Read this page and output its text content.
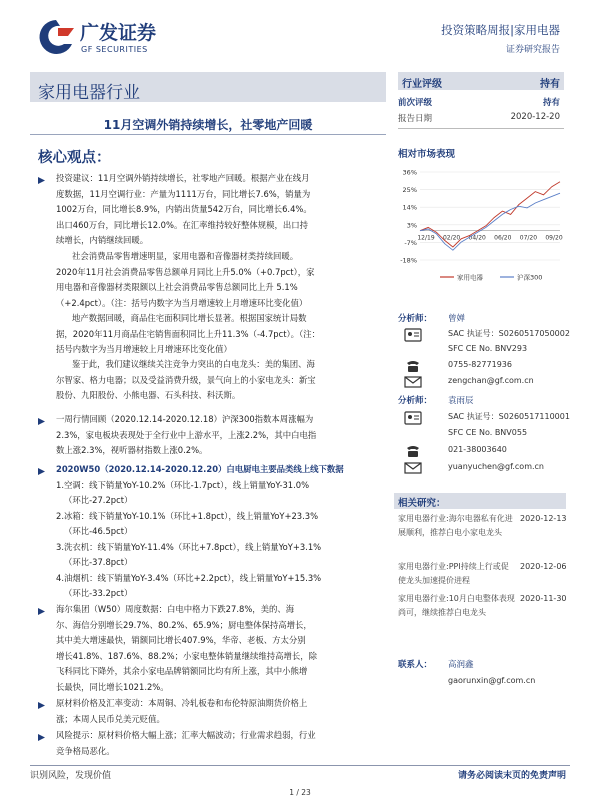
广发证券
GF SECURITIES
投资策略周报|家用电器
证券研究报告
家用电器行业
11月空调外销持续增长，社零地产回暖
核心观点：
行业评级	持有
前次评级	持有
报告日期	2020-12-20
相对市场表现
36%
25%
14%
3%
-7%
-18%
12/19 02/20 04/20 06/20 07/20 09/20
家用电器	沪深300
分析师： 曾婵
SAC 执证号：S0260517050002
SFC CE No. BNV293
0755-82771936
zengchan@gf.com.cn
分析师： 袁雨辰
SAC 执证号：S0260517110001
SFC CE No. BNV055
021-38003640
yuanyuchen@gf.com.cn
相关研究：
家用电器行业:海尔电器私有化进展顺利，推荐白电小家电龙头
2020-12-13
家用电器行业:PPI持续上行或促使龙头加速提价进程
2020-12-06
家用电器行业:10月白电整体表现尚可，继续推荐白电龙头
2020-11-30
联系人： 高润鑫
gaorunxin@gf.com.cn
投资建议：11月空调外销持续增长，社零地产回暖。根据产业在线月
度数据，11月空调行业：产量为1111万台，同比增长7.6%，销量为
1002万台，同比增长8.9%，内销出货量542万台，同比增长6.4%。
出口460万台，同比增长12.0%。在汇率维持较好整体规模，出口持
续增长，内销继续回暖。
社会消费品零售增速明显，家用电器和音像器材类持续回暖。
2020年11月社会消费品零售总额单月同比上升5.0%（+0.7pct），家
用电器和音像器材类限额以上社会消费品零售总额同比上升 5.1%
（+2.4pct）。（注：括号内数字为当月增速较上月增速环比变化值）
地产数据回暖，商品住宅面积同比增长显著。根据国家统计局数
据，2020年11月商品住宅销售面积同比上升11.3%（-4.7pct）。（注：
括号内数字为当月增速较上月增速环比变化值）
鉴于此，我们建议继续关注竞争力突出的白电龙头：美的集团、海
尔智家、格力电器；以及受益消费升级，景气向上的小家电龙头：新宝
股份、九阳股份、小熊电器、石头科技、科沃斯。
一周行情回顾（2020.12.14-2020.12.18）沪深300指数本周涨幅为
2.3%，家电板块表现处于全行业中上游水平，上涨2.2%，其中白电指
数上涨2.3%，视听器材指数上涨0.2%。
2020W50（2020.12.14-2020.12.20）白电厨电主要品类线上线下数据
1.空调：线下销量YoY-10.2%（环比-1.7pct），线上销量YoY-31.0%
（环比-27.2pct）
2.冰箱：线下销量YoY-10.1%（环比+1.8pct），线上销量YoY+23.3%
（环比-46.5pct）
3.洗衣机：线下销量YoY-11.4%（环比+7.8pct），线上销量YoY+3.1%
（环比-37.8pct）
4.油烟机：线下销量YoY-3.4%（环比+2.2pct），线上销量YoY+15.3%
（环比-33.2pct）
海尔集团（W50）周度数据：白电中格力下跌27.8%，美的、海
尔、海信分别增长29.7%、80.2%、65.9%；厨电整体保持高增长，
其中美大增速最快，销额同比增长407.9%，华帝、老板、方太分别
增长41.8%、187.6%、88.2%；小家电整体销量继续维持高增长，除
飞科同比下降外，其余小家电品牌销额同比均有所上涨，其中小熊增
长最快，同比增长1021.2%。
原材料价格及汇率变动：本周铜、冷轧板卷和布伦特原油期货价格上
涨；本周人民币兑美元贬值。
风险提示：原材料价格大幅上涨；汇率大幅波动；行业需求趋弱，行业
竞争格局恶化。
识别风险，发现价值	请务必阅读末页的免责声明
1 / 23
